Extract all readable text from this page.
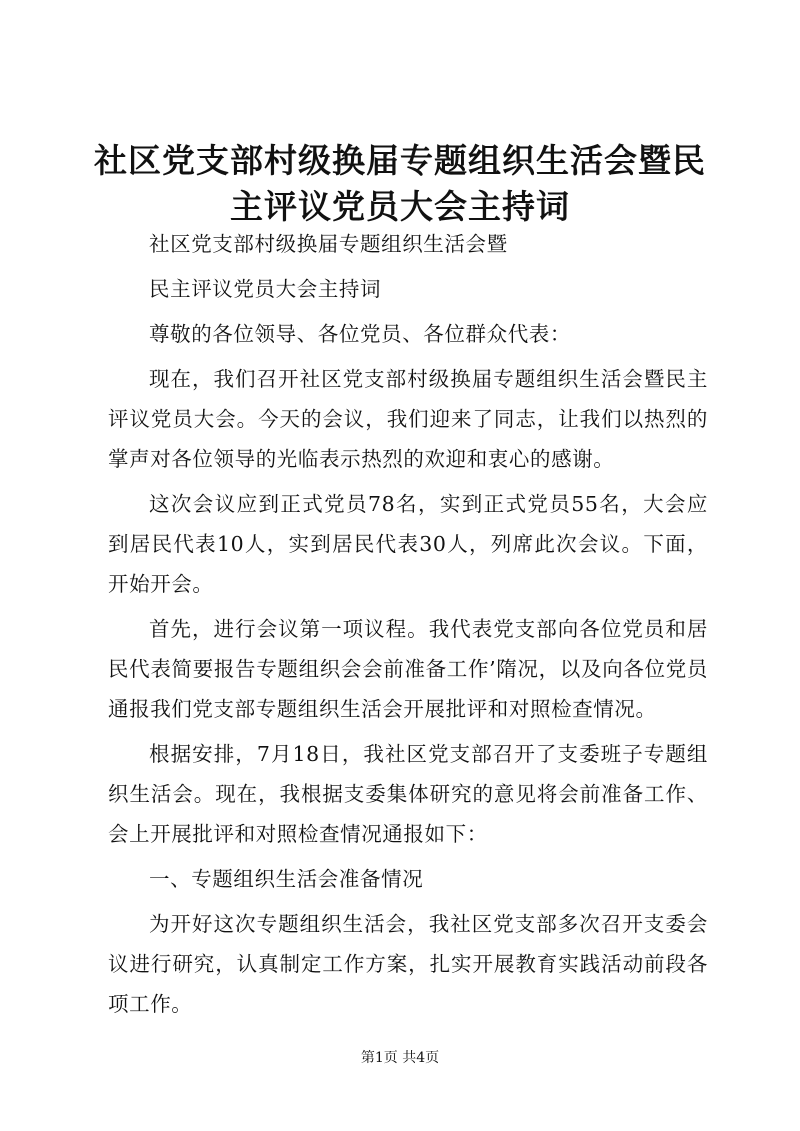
社区党支部村级换届专题组织生活会暨民主评议党员大会主持词

社区党支部村级换届专题组织生活会暨

民主评议党员大会主持词

尊敬的各位领导、各位党员、各位群众代表：

现在，我们召开社区党支部村级换届专题组织生活会暨民主评议党员大会。今天的会议，我们迎来了同志，让我们以热烈的掌声对各位领导的光临表示热烈的欢迎和衷心的感谢。

这次会议应到正式党员78名，实到正式党员55名，大会应到居民代表10人，实到居民代表30人，列席此次会议。下面，开始开会。

首先，进行会议第一项议程。我代表党支部向各位党员和居民代表简要报告专题组织会会前准备工作’隋况，以及向各位党员通报我们党支部专题组织生活会开展批评和对照检查情况。

根据安排，7月18日，我社区党支部召开了支委班子专题组织生活会。现在，我根据支委集体研究的意见将会前准备工作、会上开展批评和对照检查情况通报如下：

一、专题组织生活会准备情况

为开好这次专题组织生活会，我社区党支部多次召开支委会议进行研究，认真制定工作方案，扎实开展教育实践活动前段各项工作。

第1页 共4页
